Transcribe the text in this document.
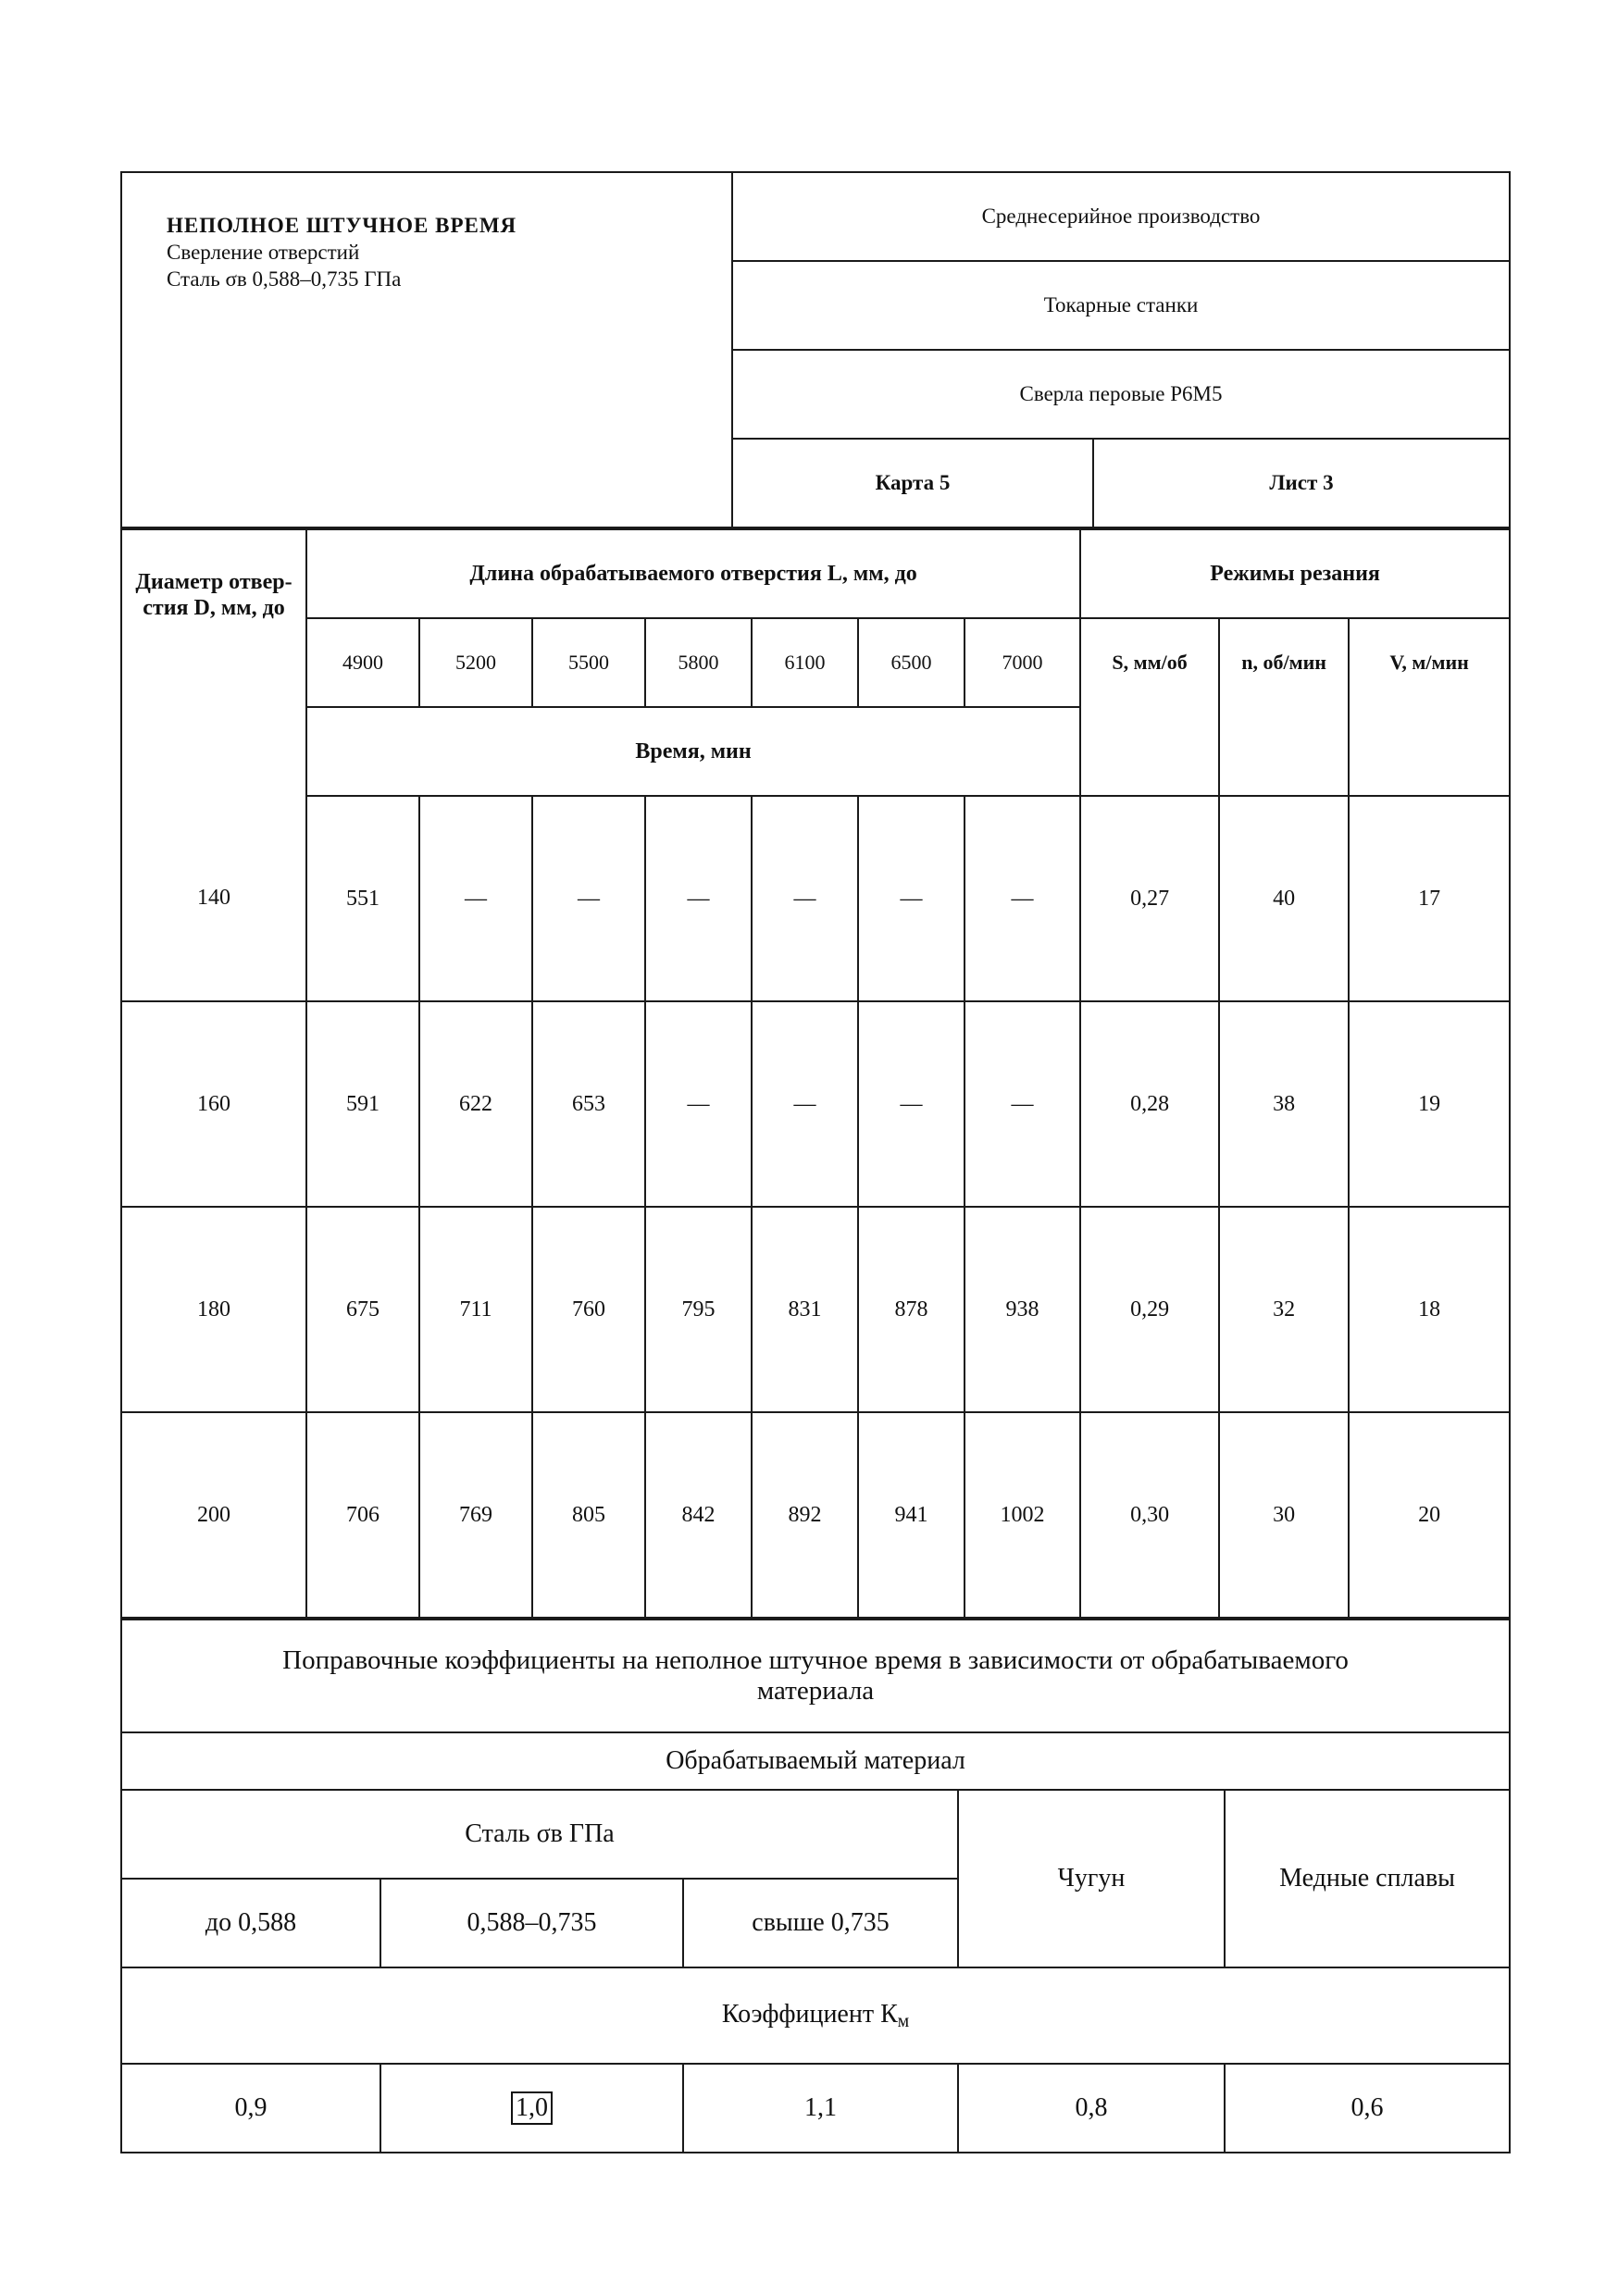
НЕПОЛНОЕ ШТУЧНОЕ ВРЕМЯ
Сверление отверстий
Сталь σв 0,588–0,735 ГПа	Среднесерийное производство	
	Токарные станки	
	Сверла перовые Р6М5	
	Карта 5	Лист 3
Диаметр отвер-стия D, мм, до	Длина обрабатываемого отверстия L, мм, до							Режимы резания		
	4900	5200	5500	5800	6100	6500	7000	S, мм/об	n, об/мин	V, м/мин
	Время, мин									
140	551	—	—	—	—	—	—	0,27	40	17
160	591	622	653	—	—	—	—	0,28	38	19
180	675	711	760	795	831	878	938	0,29	32	18
200	706	769	805	842	892	941	1002	0,30	30	20
Поправочные коэффициенты на неполное штучное время в зависимости от обрабатываемого материала				
Обрабатываемый материал				
Сталь σв ГПа			Чугун	Медные сплавы
до 0,588	0,588–0,735	свыше 0,735		
Коэффициент $К_м$
0,9	1,0	1,1	0,8	0,6
